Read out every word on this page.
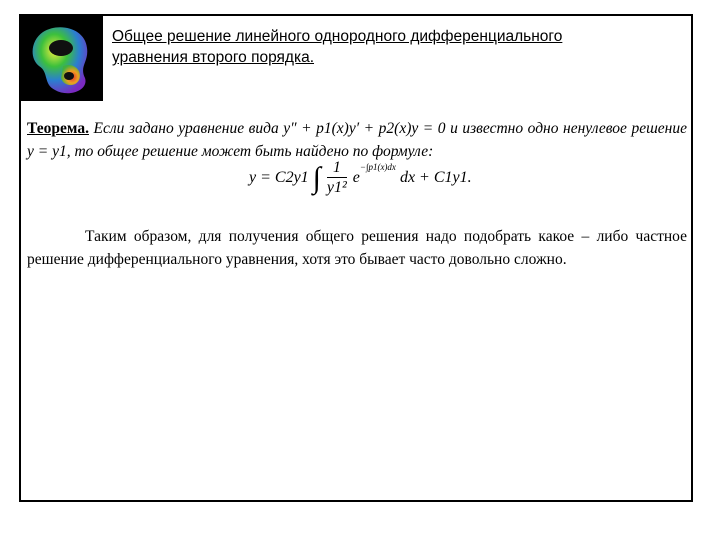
Общее решение линейного однородного дифференциального
уравнения второго порядка.

Теорема. Если задано уравнение вида y″ + p1(x)y′ + p2(x)y = 0 и известно одно ненулевое решение y = y1, то общее решение может быть найдено по формуле:

y = C2y1 ∫ $\frac{1}{\text{y1²}} e^{-\int p1(x)dx}$ dx + C1y1.

Таким образом, для получения общего решения надо подобрать какое – либо частное решение дифференциального уравнения, хотя это бывает часто довольно сложно.
